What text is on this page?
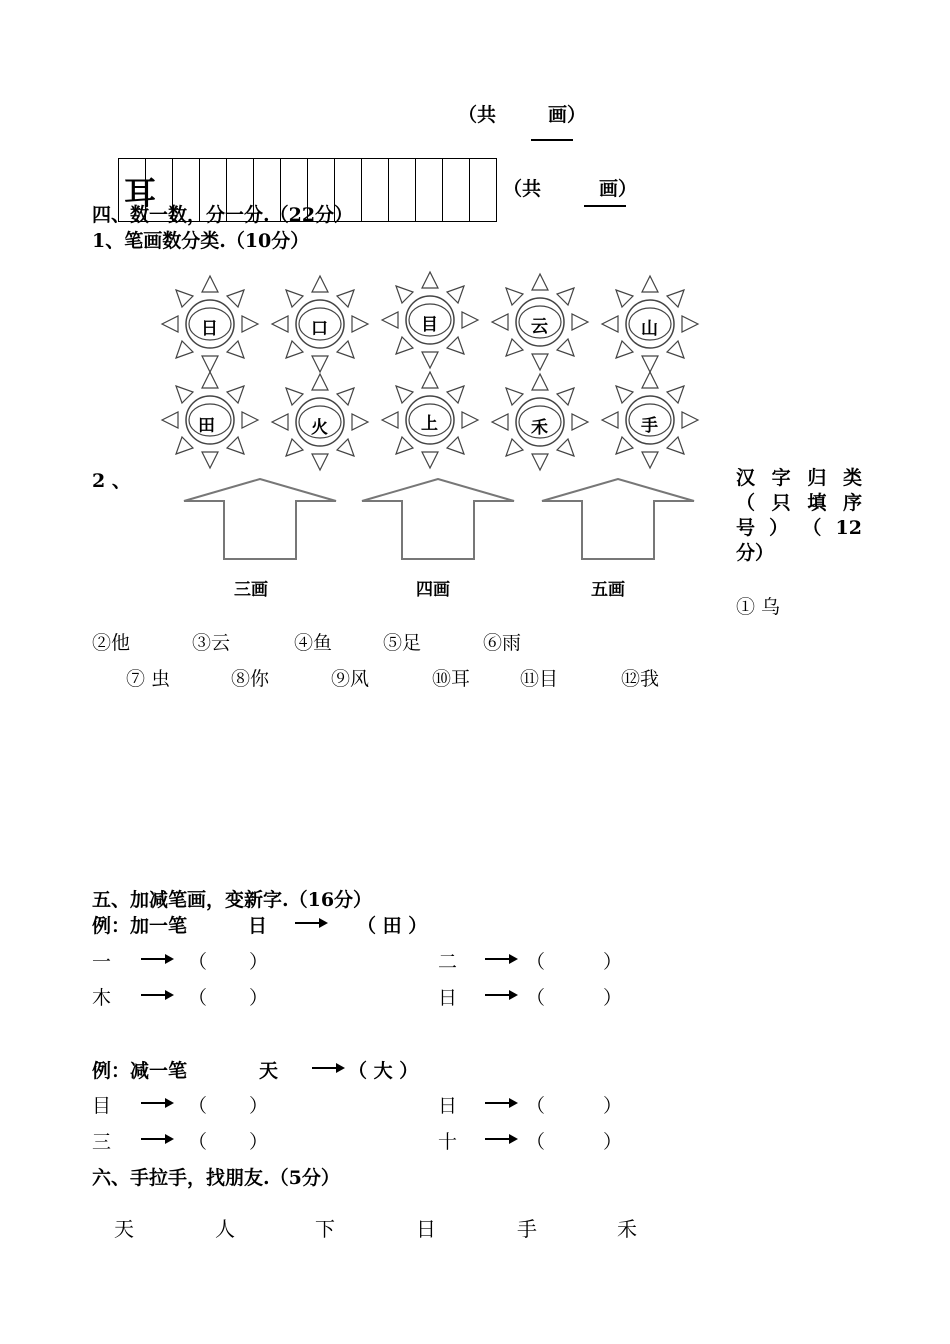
（共	画）

耳	（共	画）
四、数一数，分一分.（22分）
1、笔画数分类.（10分）
日	口	目	云	山
田	火	上	禾	手
2 、
三画	四画	五画
汉 字 归 类
（ 只 填 序
号 ） （ 12
分）
① 乌
②他	③云	④鱼	⑤足	⑥雨
⑦ 虫	⑧你	⑨风	⑩耳	⑪目	⑫我
五、加减笔画，变新字.（16分）
例：加一笔	日	（ 田 ）
一	（ ）	二	（	）
木	（ ）	日	（	）
例：减一笔	天	（ 大 ）
目	（ ）	日	（	）
三	（ ）	十	（	）
六、手拉手，找朋友.（5分）
天	人	下	日	手	禾
